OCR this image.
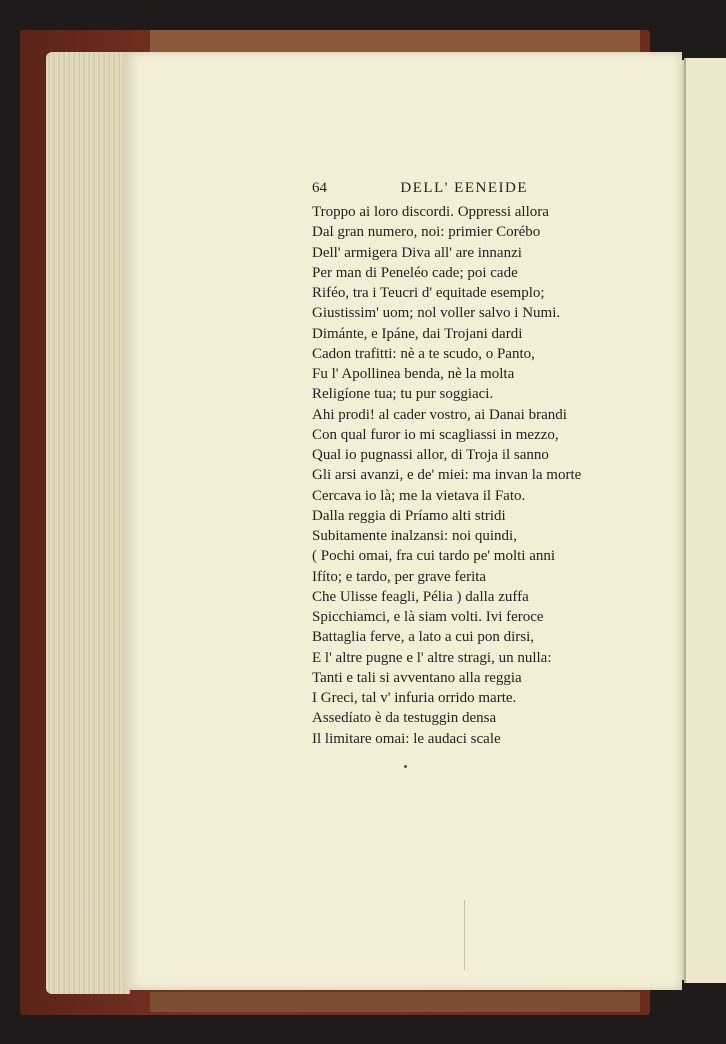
64	DELL' EENEIDE
Troppo ai loro discordi. Oppressi allora
Dal gran numero, noi: primier Corébo
Dell' armigera Diva all' are innanzi
Per man di Peneléo cade; poi cade
Riféo, tra i Teucri d' equitade esemplo;
Giustissim' uom; nol voller salvo i Numi.
Dimánte, e Ipáne, dai Trojani dardi
Cadon trafitti: nè a te scudo, o Panto,
Fu l' Apollinea benda, nè la molta
Religíone tua; tu pur soggiaci.
Ahi prodi! al cader vostro, ai Danai brandi
Con qual furor io mi scagliassi in mezzo,
Qual io pugnassi allor, di Troja il sanno
Gli arsi avanzi, e de' miei: ma invan la morte
Cercava io là; me la vietava il Fato.
Dalla reggia di Príamo alti stridi
Subitamente inalzansi: noi quindi,
( Pochi omai, fra cui tardo pe' molti anni
Ifíto; e tardo, per grave ferita
Che Ulisse feagli, Pélia ) dalla zuffa
Spicchiamci, e là siam volti. Ivi feroce
Battaglia ferve, a lato a cui pon dirsi,
E l' altre pugne e l' altre stragi, un nulla:
Tanti e tali si avventano alla reggia
I Greci, tal v' infuria orrido marte.
Assedíato è da testuggin densa
Il limitare omai: le audaci scale
